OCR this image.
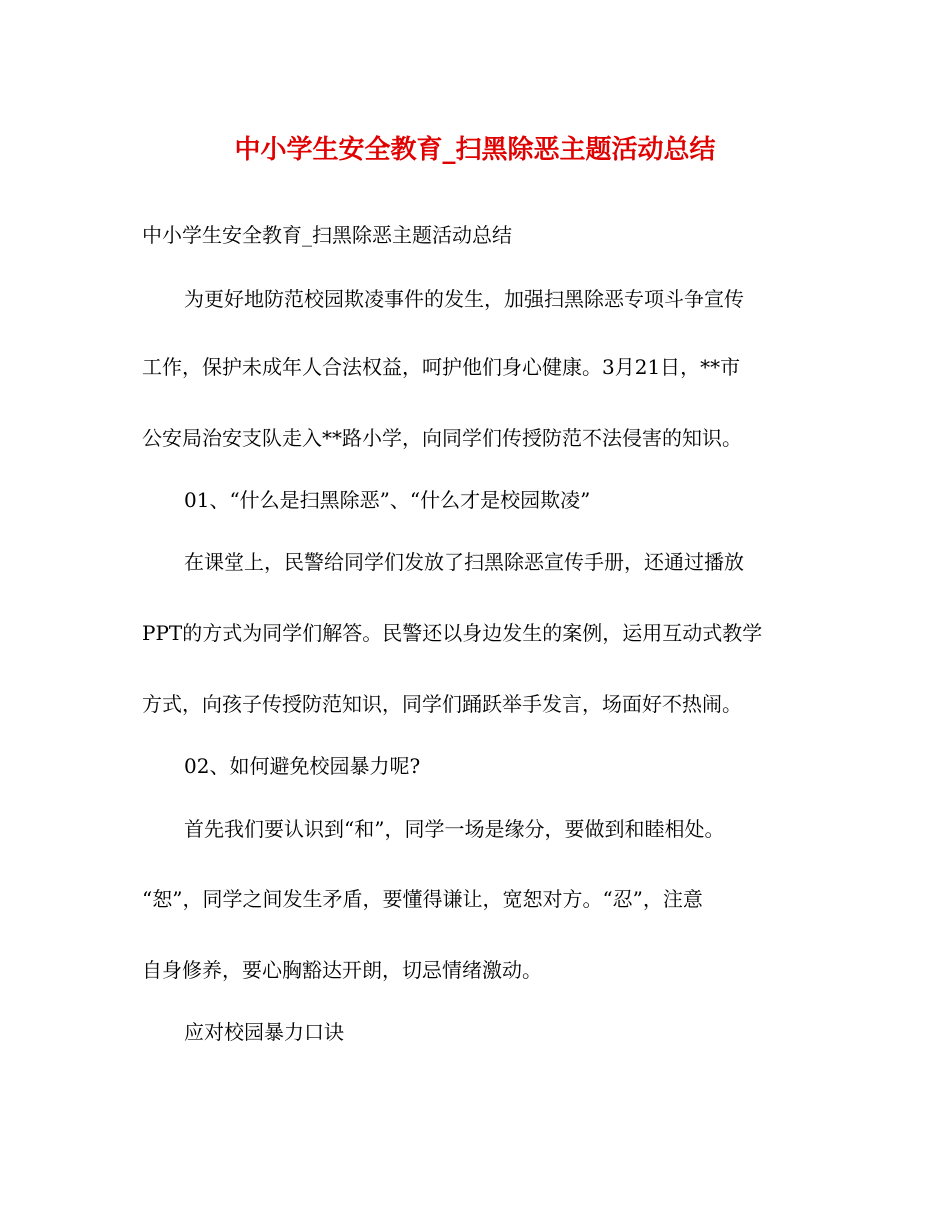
中小学生安全教育_扫黑除恶主题活动总结

中小学生安全教育_扫黑除恶主题活动总结

为更好地防范校园欺凌事件的发生，加强扫黑除恶专项斗争宣传

工作，保护未成年人合法权益，呵护他们身心健康。3月21日，**市

公安局治安支队走入**路小学，向同学们传授防范不法侵害的知识。

01、“什么是扫黑除恶”、“什么才是校园欺凌”

在课堂上，民警给同学们发放了扫黑除恶宣传手册，还通过播放

PPT的方式为同学们解答。民警还以身边发生的案例，运用互动式教学

方式，向孩子传授防范知识，同学们踊跃举手发言，场面好不热闹。

02、如何避免校园暴力呢?

首先我们要认识到“和”，同学一场是缘分，要做到和睦相处。

“恕”，同学之间发生矛盾，要懂得谦让，宽恕对方。“忍”，注意

自身修养，要心胸豁达开朗，切忌情绪激动。

应对校园暴力口诀
